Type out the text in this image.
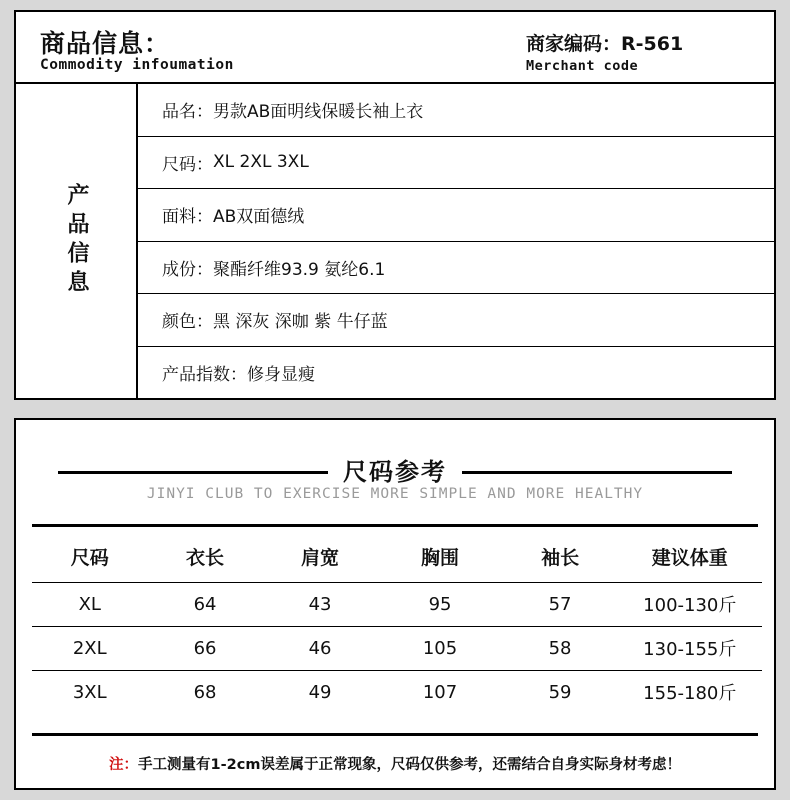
商品信息：
Commodity infoumation
商家编码：R-561
Merchant code
产品信息
品名： 男款AB面明线保暖长袖上衣
尺码： XL 2XL 3XL
面料： AB双面德绒
成份： 聚酯纤维93.9 氨纶6.1
颜色： 黑 深灰 深咖 紫 牛仔蓝
产品指数： 修身显瘦
尺码参考
JINYI CLUB TO EXERCISE MORE SIMPLE AND MORE HEALTHY
尺码	衣长	肩宽	胸围	袖长	建议体重
XL	64	43	95	57	100-130斤
2XL	66	46	105	58	130-155斤
3XL	68	49	107	59	155-180斤
注：手工测量有1-2cm误差属于正常现象，尺码仅供参考，还需结合自身实际身材考虑！
